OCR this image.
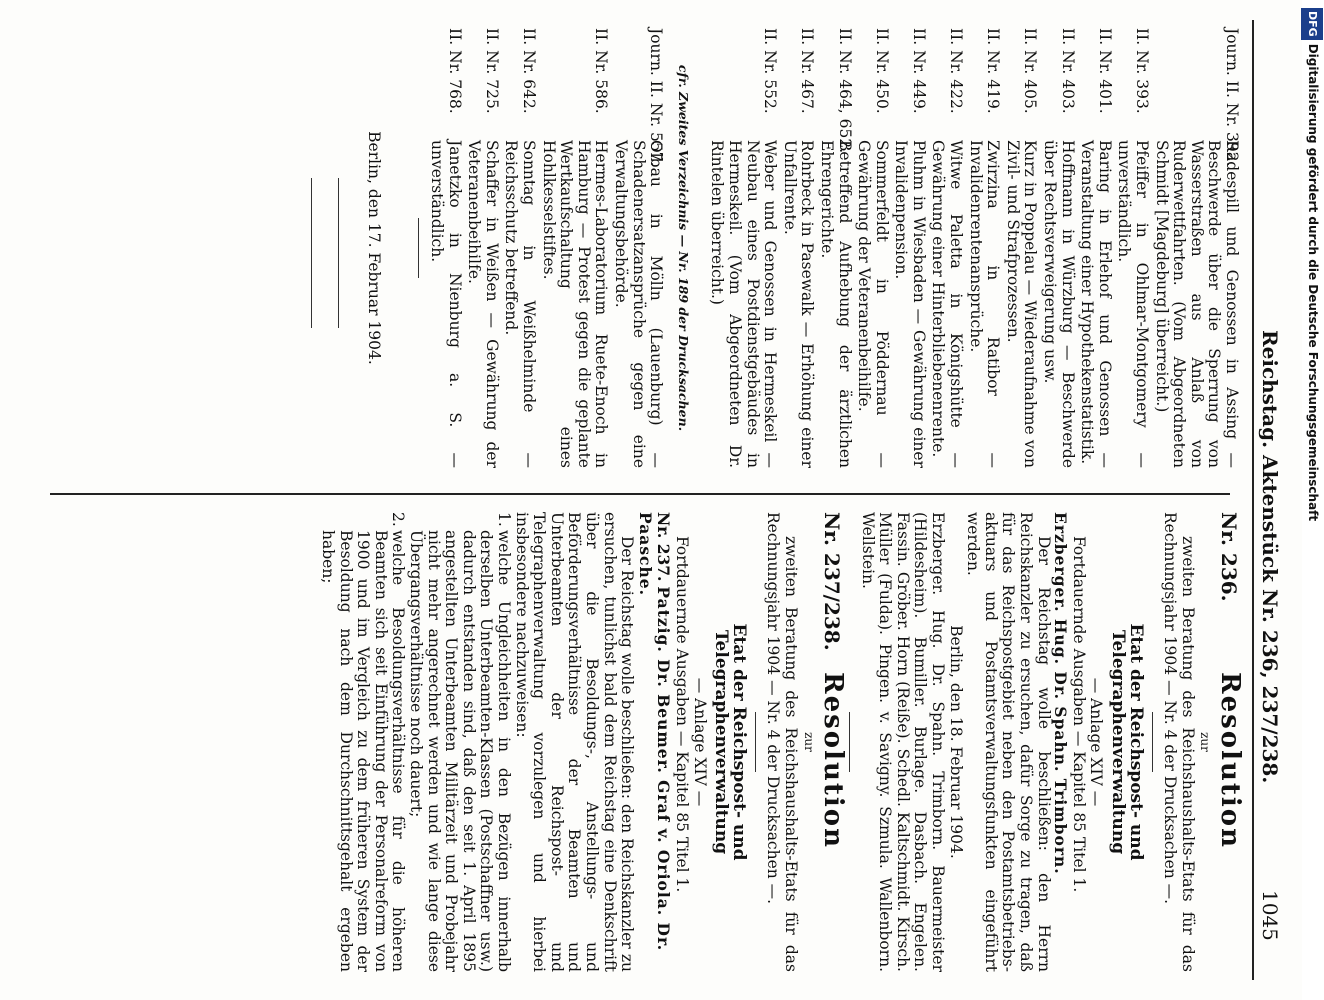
Reichstag. Aktenstück Nr. 236, 237/238.
1045
Journ. II. Nr. 392.
Radespill und Genossen in Assing — Beschwerde über die Sperrung von Wasserstraßen aus Anlaß von Ruderwettfahrten. (Vom Abgeordneten Schmidt [Magdeburg] überreicht.)
II. Nr. 393.
Pfeiffer in Ohlmar-Montgomery — unverständlich.
II. Nr. 401.
Baring in Erlehof und Genossen — Veranstaltung einer Hypothekenstatistik.
II. Nr. 403.
Hoffmann in Würzburg — Beschwerde über Rechtsverweigerung usw.
II. Nr. 405.
Kurz in Poppelau — Wiederaufnahme von Zivil- und Strafprozessen.
II. Nr. 419.
Zwirzina in Ratibor — Invalidenrentenansprüche.
II. Nr. 422.
Witwe Paletta in Königshütte — Gewährung einer Hinterbliebenenrente.
II. Nr. 449.
Pluhm in Wiesbaden — Gewährung einer Invalidenpension.
II. Nr. 450.
Sommerfeldt in Pöddernau — Gewährung der Veteranenbeihilfe.
II. Nr. 464, 652.
Betreffend Aufhebung der ärztlichen Ehrengerichte.
II. Nr. 467.
Rohrbeck in Pasewalk — Erhöhung einer Unfallrente.
II. Nr. 552.
Weber und Genossen in Hermeskeil — Neubau eines Postdienstgebäudes in Hermeskeil. (Vom Abgeordneten Dr. Rintelen überreicht.)
cfr. Zweites Verzeichnis — Nr. 189 der Drucksachen.
Journ. II. Nr. 557.
Olbau in Mölln (Lauenburg) — Schadenersatzansprüche gegen eine Verwaltungsbehörde.
II. Nr. 586.
Hermes-Laboratorium Ruete-Enoch in Hamburg — Protest gegen die geplante Wertkaufschaltung eines Hohlkesselstiftes.
II. Nr. 642.
Sonntag in Weißhelminde — Reichsschutz betreffend.
II. Nr. 725.
Schaffer in Weißen — Gewährung der Veteranenbeihilfe.
II. Nr. 768.
Janetzko in Nienburg a. S. — unverständlich.
Berlin, den 17. Februar 1904.
Nr. 236.
Resolution
zur
zweiten Beratung des Reichshaushalts-Etats für das Rechnungsjahr 1904 — Nr. 4 der Drucksachen —.
Etat der Reichspost- und Telegraphenverwaltung
— Anlage XIV —
Fortdauernde Ausgaben — Kapitel 85 Titel 1.
Erzberger. Hug. Dr. Spahn. Trimborn.
Der Reichstag wolle beschließen: den Herrn Reichskanzler zu ersuchen, dafür Sorge zu tragen, daß für das Reichspostgebiet neben den Postamtsbetriebs-aktuars und Postamtsverwaltungsfunkten eingeführt werden.
Berlin, den 18. Februar 1904.
Erzberger. Hug. Dr. Spahn. Trimborn. Bauermeister (Hildesheim). Bumiller. Burlage. Dasbach. Engelen. Fassin. Gröber. Horn (Reiße). Schedl. Kaltschmidt. Kirsch. Müller (Fulda). Pingen. v. Savigny. Szmula. Wallenborn. Wellstein.
Nr. 237/238.
Resolution
zur
zweiten Beratung des Reichshaushalts-Etats für das Rechnungsjahr 1904 — Nr. 4 der Drucksachen —.
Etat der Reichspost- und Telegraphenverwaltung
— Anlage XIV —
Fortdauernde Ausgaben — Kapitel 85 Titel 1.
Nr. 237. Patzig. Dr. Beumer. Graf v. Oriola. Dr. Paasche.
Der Reichstag wolle beschließen: den Reichskanzler zu ersuchen, tunlichst bald dem Reichstag eine Denkschrift über die Besoldungs-, Anstellungs- und Beförderungsverhältnisse der Beamten und Unterbeamten der Reichspost- und Telegraphenverwaltung vorzulegen und hierbei insbesondere nachzuweisen:
1.
welche Ungleichheiten in den Bezügen innerhalb derselben Unterbeamten-Klassen (Postschaffner usw.) dadurch entstanden sind, daß den seit 1. April 1895 angestellten Unterbeamten Militärzeit und Probejahr nicht mehr angerechnet werden und wie lange diese Übergangsverhältnisse noch dauert;
2.
welche Besoldungsverhältnisse für die höheren Beamten sich seit Einführung der Personalreform von 1900 und im Vergleich zu dem früheren System der Besoldung nach dem Durchschnittsgehalt ergeben haben;
DFGDigitalisierung gefördert durch die Deutsche Forschungsgemeinschaft
